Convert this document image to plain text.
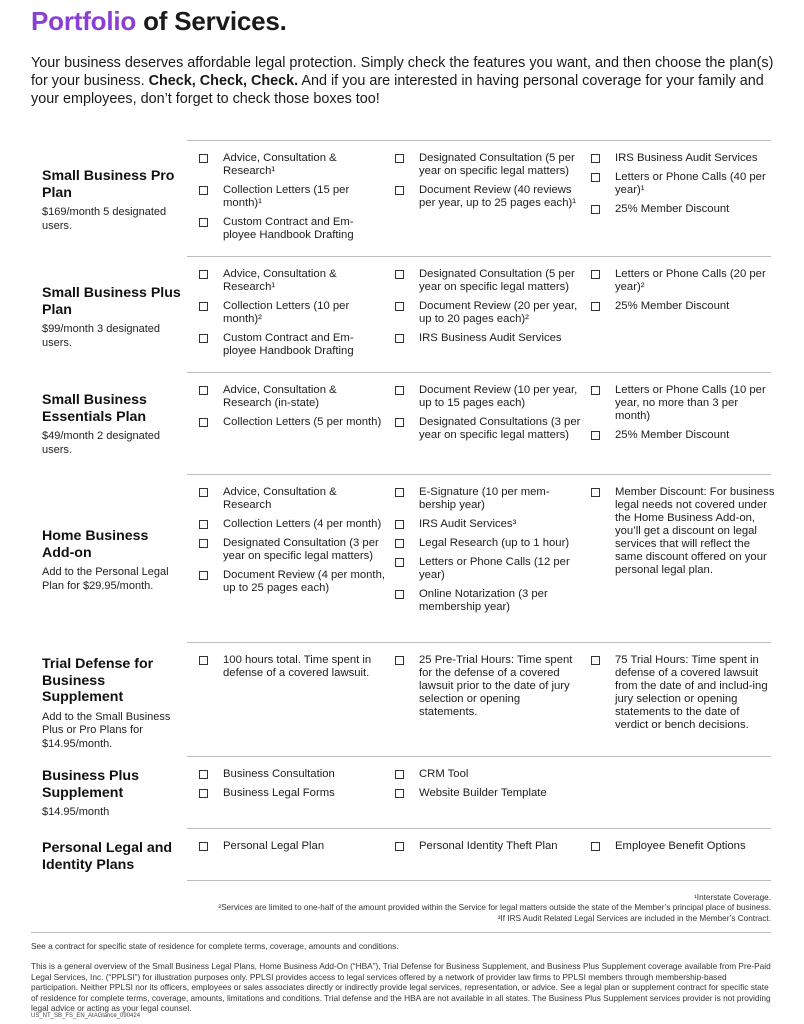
Portfolio of Services.

Your business deserves affordable legal protection. Simply check the features you want, and then choose the plan(s) for your business. Check, Check, Check. And if you are interested in having personal coverage for your family and your employees, don’t forget to check those boxes too!

Small Business Pro Plan
$169/month 5 designated users.
Advice, Consultation & Research¹
Collection Letters (15 per month)¹
Custom Contract and Em-ployee Handbook Drafting
Designated Consultation (5 per year on specific legal matters)
Document Review (40 reviews per year, up to 25 pages each)¹
IRS Business Audit Services
Letters or Phone Calls (40 per year)¹
25% Member Discount
Small Business Plus Plan
$99/month 3 designated users.
Advice, Consultation & Research¹
Collection Letters (10 per month)²
Custom Contract and Em-ployee Handbook Drafting
Designated Consultation (5 per year on specific legal matters)
Document Review (20 per year, up to 20 pages each)²
IRS Business Audit Services
Letters or Phone Calls (20 per year)²
25% Member Discount
Small Business Essentials Plan
$49/month 2 designated users.
Advice, Consultation & Research (in-state)
Collection Letters (5 per month)
Document Review (10 per year, up to 15 pages each)
Designated Consultations (3 per year on specific legal matters)
Letters or Phone Calls (10 per year, no more than 3 per month)
25% Member Discount
Home Business Add-on
Add to the Personal Legal Plan for $29.95/month.
Advice, Consultation & Research
Collection Letters (4 per month)
Designated Consultation (3 per year on specific legal matters)
Document Review (4 per month, up to 25 pages each)
E-Signature (10 per mem-bership year)
IRS Audit Services³
Legal Research (up to 1 hour)
Letters or Phone Calls (12 per year)
Online Notarization (3 per membership year)
Member Discount: For business legal needs not covered under the Home Business Add-on, you’ll get a discount on legal services that will reflect the same discount offered on your personal legal plan.
Trial Defense for Business Supplement
Add to the Small Business Plus or Pro Plans for $14.95/month.
100 hours total. Time spent in defense of a covered lawsuit.
25 Pre-Trial Hours: Time spent for the defense of a covered lawsuit prior to the date of jury selection or opening statements.
75 Trial Hours: Time spent in defense of a covered lawsuit from the date of and includ-ing jury selection or opening statements to the date of verdict or bench decisions.
Business Plus Supplement
$14.95/month
Business Consultation
Business Legal Forms
CRM Tool
Website Builder Template
Personal Legal and Identity Plans
Personal Legal Plan	Personal Identity Theft Plan	Employee Benefit Options
¹Interstate Coverage.
²Services are limited to one-half of the amount provided within the Service for legal matters outside the state of the Member’s principal place of business.
³If IRS Audit Related Legal Services are included in the Member’s Contract.

See a contract for specific state of residence for complete terms, coverage, amounts and conditions.

This is a general overview of the Small Business Legal Plans, Home Business Add-On (“HBA”), Trial Defense for Business Supplement, and Business Plus Supplement coverage available from Pre-Paid Legal Services, Inc. (“PPLSI”) for illustration purposes only. PPLSI provides access to legal services offered by a network of provider law firms to PPLSI members through membership-based participation. Neither PPLSI nor its officers, employees or sales associates directly or indirectly provide legal services, representation, or advice. See a legal plan or supplement contract for specific state of residence for complete terms, coverage, amounts, limitations and conditions. Trial defense and the HBA are not available in all states. The Business Plus Supplement services provider is not providing legal advice or acting as your legal counsel.

US_NT_SB_FS_EN_AtAGlance_090424
